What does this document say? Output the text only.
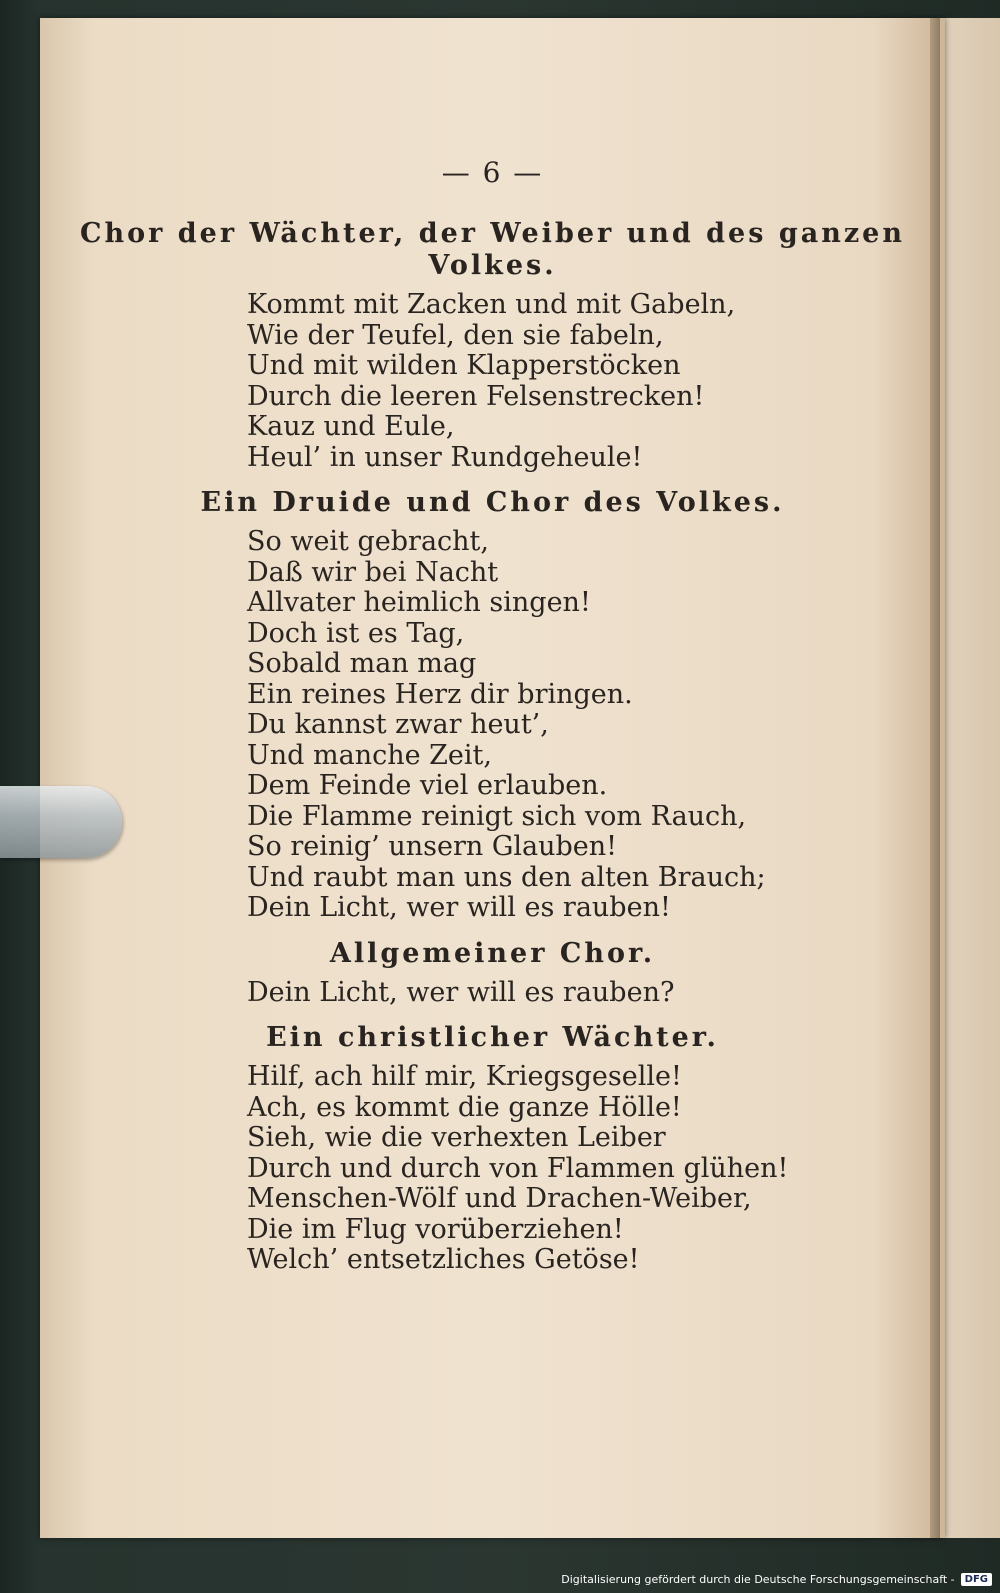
— 6 —
Chor der Wächter, der Weiber und des ganzen Volkes.
Kommt mit Zacken und mit Gabeln,
Wie der Teufel, den sie fabeln,
Und mit wilden Klapperstöcken
Durch die leeren Felsenstrecken!
Kauz und Eule,
Heul’ in unser Rundgeheule!
Ein Druide und Chor des Volkes.
So weit gebracht,
Daß wir bei Nacht
Allvater heimlich singen!
Doch ist es Tag,
Sobald man mag
Ein reines Herz dir bringen.
Du kannst zwar heut’,
Und manche Zeit,
Dem Feinde viel erlauben.
Die Flamme reinigt sich vom Rauch,
So reinig’ unsern Glauben!
Und raubt man uns den alten Brauch;
Dein Licht, wer will es rauben!
Allgemeiner Chor.
Dein Licht, wer will es rauben?
Ein christlicher Wächter.
Hilf, ach hilf mir, Kriegsgeselle!
Ach, es kommt die ganze Hölle!
Sieh, wie die verhexten Leiber
Durch und durch von Flammen glühen!
Menschen-Wölf und Drachen-Weiber,
Die im Flug vorüberziehen!
Welch’ entsetzliches Getöse!
Digitalisierung gefördert durch die Deutsche Forschungsgemeinschaft -	DFG
